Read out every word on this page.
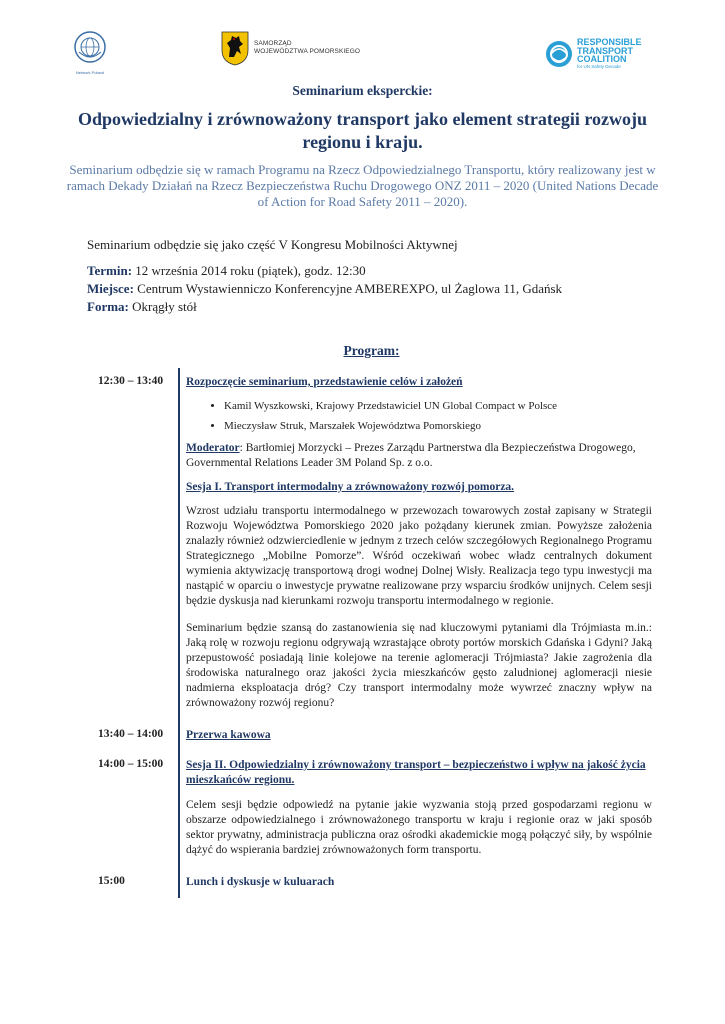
Network Poland
SAMORZĄD
WOJEWÓDZTWA POMORSKIEGO
RESPONSIBLE
TRANSPORT
COALITION
for UN Safety Decade

Seminarium eksperckie:

Odpowiedzialny i zrównoważony transport jako element strategii rozwoju regionu i kraju.

Seminarium odbędzie się w ramach Programu na Rzecz Odpowiedzialnego Transportu, który realizowany jest w ramach Dekady Działań na Rzecz Bezpieczeństwa Ruchu Drogowego ONZ 2011 – 2020 (United Nations Decade of Action for Road Safety 2011 – 2020).

Seminarium odbędzie się jako część V Kongresu Mobilności Aktywnej

Termin: 12 września 2014 roku (piątek), godz. 12:30

Miejsce: Centrum Wystawienniczo Konferencyjne AMBEREXPO, ul Żaglowa 11, Gdańsk

Forma: Okrągły stół

Program:

12:30 – 13:40	Rozpoczęcie seminarium, przedstawienie celów i założeń

• Kamil Wyszkowski, Krajowy Przedstawiciel UN Global Compact w Polsce
• Mieczysław Struk, Marszałek Województwa Pomorskiego

Moderator: Bartłomiej Morzycki – Prezes Zarządu Partnerstwa dla Bezpieczeństwa Drogowego, Governmental Relations Leader 3M Poland Sp. z o.o.

Sesja I. Transport intermodalny a zrównoważony rozwój pomorza.

Wzrost udziału transportu intermodalnego w przewozach towarowych został zapisany w Strategii Rozwoju Województwa Pomorskiego 2020 jako pożądany kierunek zmian. Powyższe założenia znalazły również odzwierciedlenie w jednym z trzech celów szczegółowych Regionalnego Programu Strategicznego „Mobilne Pomorze”. Wśród oczekiwań wobec władz centralnych dokument wymienia aktywizację transportową drogi wodnej Dolnej Wisły. Realizacja tego typu inwestycji ma nastąpić w oparciu o inwestycje prywatne realizowane przy wsparciu środków unijnych. Celem sesji będzie dyskusja nad kierunkami rozwoju transportu intermodalnego w regionie.

Seminarium będzie szansą do zastanowienia się nad kluczowymi pytaniami dla Trójmiasta m.in.: Jaką rolę w rozwoju regionu odgrywają wzrastające obroty portów morskich Gdańska i Gdyni? Jaką przepustowość posiadają linie kolejowe na terenie aglomeracji Trójmiasta? Jakie zagrożenia dla środowiska naturalnego oraz jakości życia mieszkańców gęsto zaludnionej aglomeracji niesie nadmierna eksploatacja dróg? Czy transport intermodalny może wywrzeć znaczny wpływ na zrównoważony rozwój regionu?

13:40 – 14:00	Przerwa kawowa

14:00 – 15:00	Sesja II. Odpowiedzialny i zrównoważony transport – bezpieczeństwo i wpływ na jakość życia mieszkańców regionu.

Celem sesji będzie odpowiedź na pytanie jakie wyzwania stoją przed gospodarzami regionu w obszarze odpowiedzialnego i zrównoważonego transportu w kraju i regionie oraz w jaki sposób sektor prywatny, administracja publiczna oraz ośrodki akademickie mogą połączyć siły, by wspólnie dążyć do wspierania bardziej zrównoważonych form transportu.

15:00	Lunch i dyskusje w kuluarach
